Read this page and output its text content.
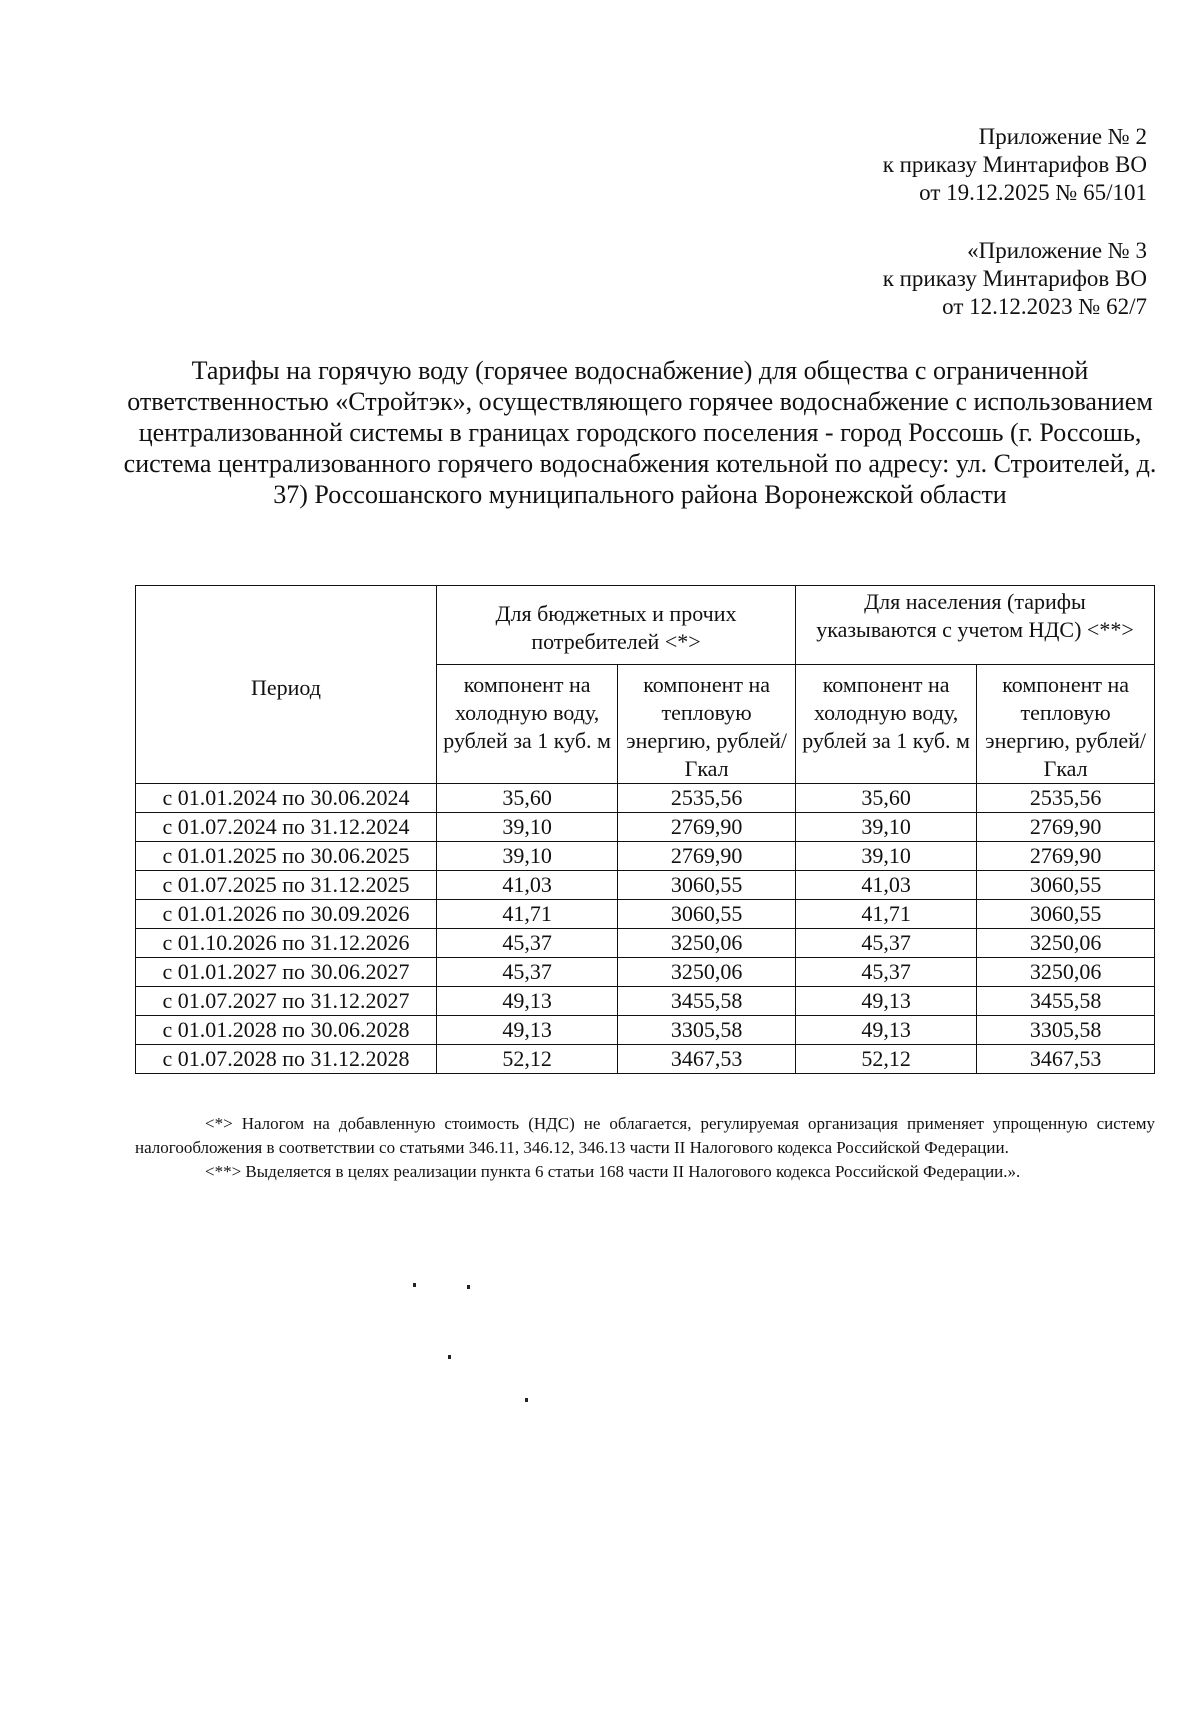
Приложение № 2
к приказу Минтарифов ВО
от 19.12.2025 № 65/101
«Приложение № 3
к приказу Минтарифов ВО
от 12.12.2023 № 62/7
Тарифы на горячую воду (горячее водоснабжение) для общества с ограниченной ответственностью «Стройтэк», осуществляющего горячее водоснабжение с использованием централизованной системы в границах городского поселения - город Россошь (г. Россошь, система централизованного горячего водоснабжения котельной по адресу: ул. Строителей, д. 37) Россошанского муниципального района Воронежской области
Период	Для бюджетных и прочих потребителей <*>		Для населения (тарифы указываются с учетом НДС) <**>	
	компонент на холодную воду, рублей за 1 куб. м	компонент на тепловую энергию, рублей/Гкал	компонент на холодную воду, рублей за 1 куб. м	компонент на тепловую энергию, рублей/Гкал
с 01.01.2024 по 30.06.2024	35,60	2535,56	35,60	2535,56
с 01.07.2024 по 31.12.2024	39,10	2769,90	39,10	2769,90
с 01.01.2025 по 30.06.2025	39,10	2769,90	39,10	2769,90
с 01.07.2025 по 31.12.2025	41,03	3060,55	41,03	3060,55
с 01.01.2026 по 30.09.2026	41,71	3060,55	41,71	3060,55
с 01.10.2026 по 31.12.2026	45,37	3250,06	45,37	3250,06
с 01.01.2027 по 30.06.2027	45,37	3250,06	45,37	3250,06
с 01.07.2027 по 31.12.2027	49,13	3455,58	49,13	3455,58
с 01.01.2028 по 30.06.2028	49,13	3305,58	49,13	3305,58
с 01.07.2028 по 31.12.2028	52,12	3467,53	52,12	3467,53

<*> Налогом на добавленную стоимость (НДС) не облагается, регулируемая организация применяет упрощенную систему налогообложения в соответствии со статьями 346.11, 346.12, 346.13 части II Налогового кодекса Российской Федерации.

<**> Выделяется в целях реализации пункта 6 статьи 168 части II Налогового кодекса Российской Федерации.».
